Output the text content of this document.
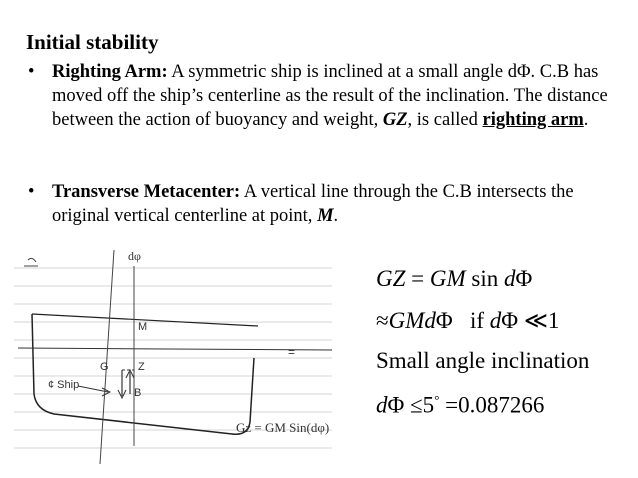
Initial stability
• Righting Arm: A symmetric ship is inclined at a small angle dΦ. C.B has moved off the ship’s centerline as the result of the inclination. The distance between the action of buoyancy and weight, GZ, is called righting arm.
• Transverse Metacenter: A vertical line through the C.B intersects the original vertical centerline at point, M.
dφ
M
G	Z
B
¢ Ship
=
Gz = GM Sin(dφ)
GZ = GM sin dΦ
≈GMdΦ   if dΦ ≪1
Small angle inclination
dΦ ≤5° =0.087266
